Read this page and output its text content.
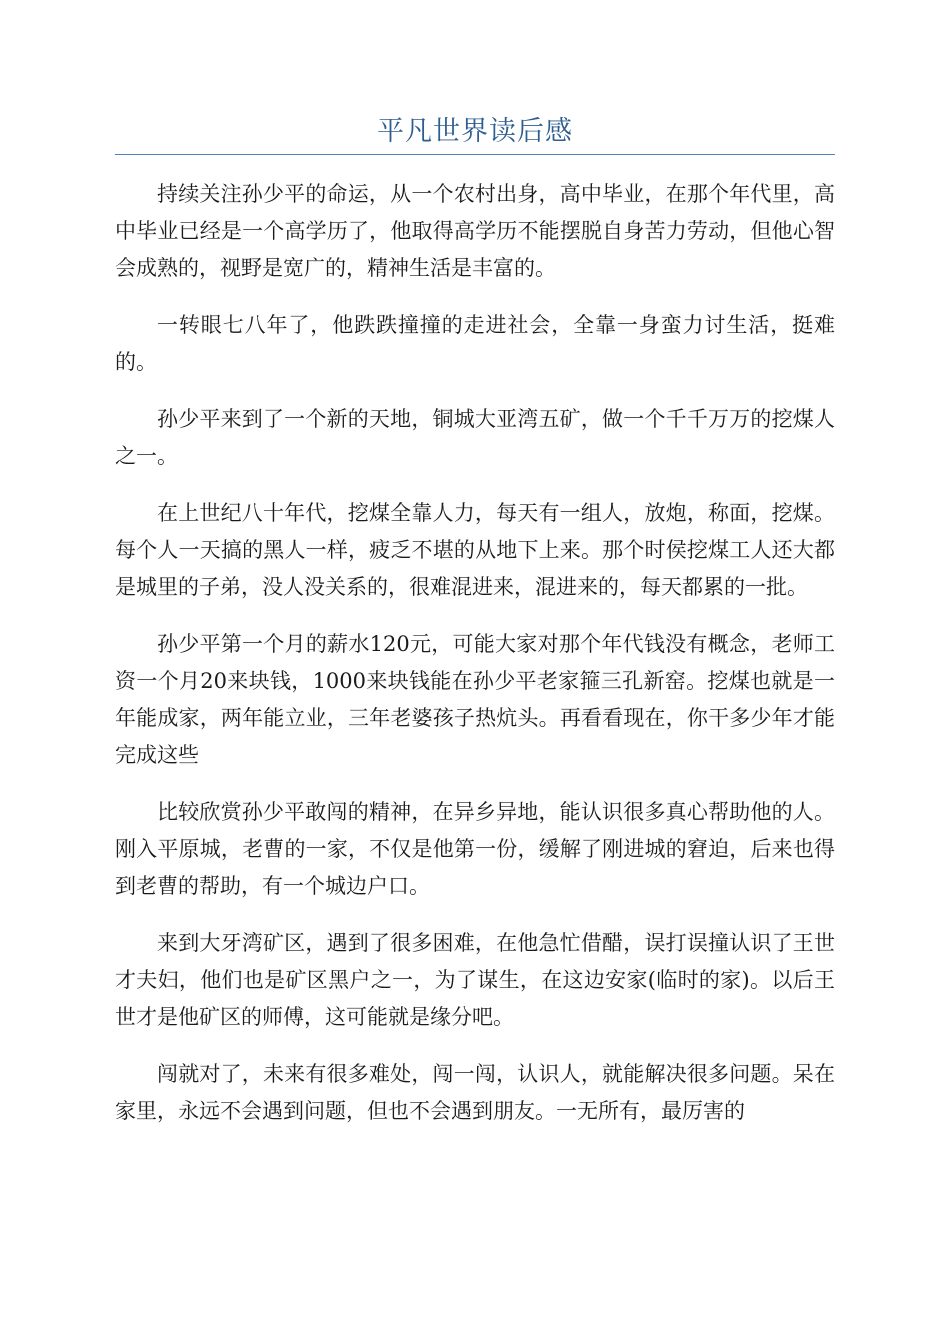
平凡世界读后感

持续关注孙少平的命运，从一个农村出身，高中毕业，在那个年代里，高中毕业已经是一个高学历了，他取得高学历不能摆脱自身苦力劳动，但他心智会成熟的，视野是宽广的，精神生活是丰富的。

一转眼七八年了，他跌跌撞撞的走进社会，全靠一身蛮力讨生活，挺难的。

孙少平来到了一个新的天地，铜城大亚湾五矿，做一个千千万万的挖煤人之一。

在上世纪八十年代，挖煤全靠人力，每天有一组人，放炮，称面，挖煤。每个人一天搞的黑人一样，疲乏不堪的从地下上来。那个时侯挖煤工人还大都是城里的子弟，没人没关系的，很难混进来，混进来的，每天都累的一批。

孙少平第一个月的薪水120元，可能大家对那个年代钱没有概念，老师工资一个月20来块钱，1000来块钱能在孙少平老家箍三孔新窑。挖煤也就是一年能成家，两年能立业，三年老婆孩子热炕头。再看看现在，你干多少年才能完成这些

比较欣赏孙少平敢闯的精神，在异乡异地，能认识很多真心帮助他的人。刚入平原城，老曹的一家，不仅是他第一份，缓解了刚进城的窘迫，后来也得到老曹的帮助，有一个城边户口。

来到大牙湾矿区，遇到了很多困难，在他急忙借醋，误打误撞认识了王世才夫妇，他们也是矿区黑户之一，为了谋生，在这边安家(临时的家)。以后王世才是他矿区的师傅，这可能就是缘分吧。

闯就对了，未来有很多难处，闯一闯，认识人，就能解决很多问题。呆在家里，永远不会遇到问题，但也不会遇到朋友。一无所有，最厉害的
